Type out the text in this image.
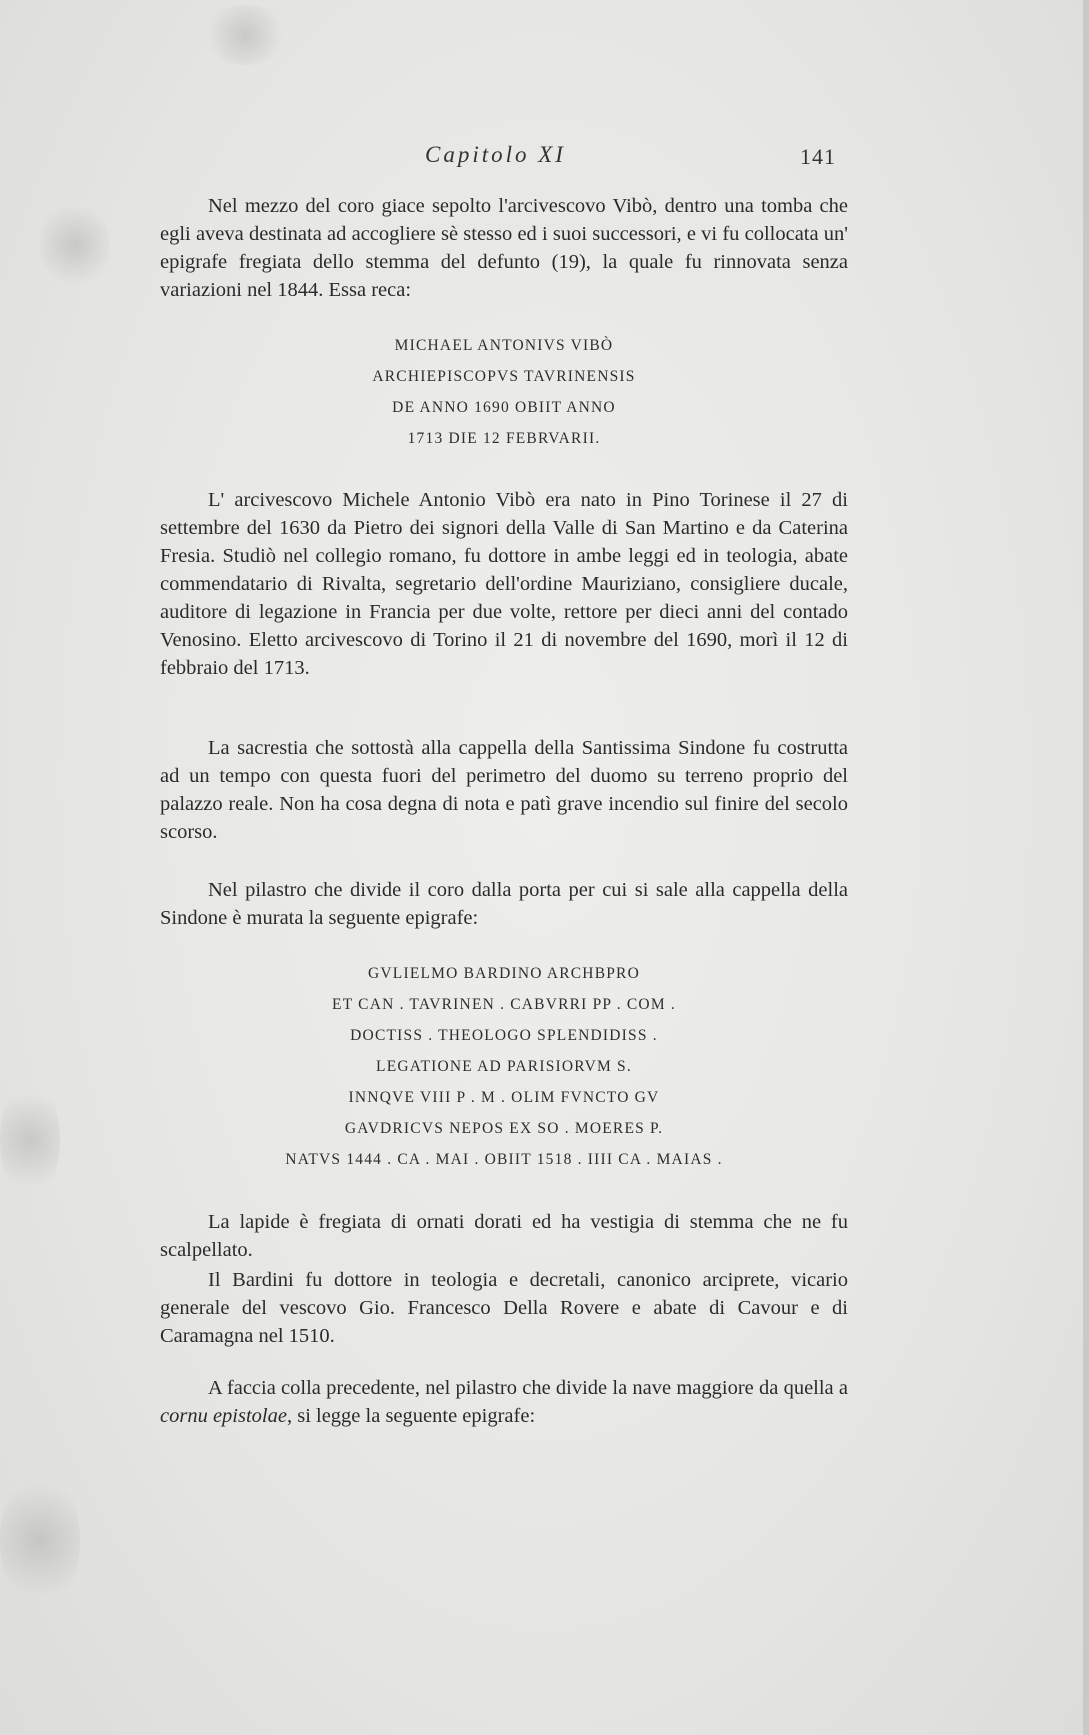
Capitolo XI	141
Nel mezzo del coro giace sepolto l'arcivescovo Vibò, dentro una tomba che egli aveva destinata ad accogliere sè stesso ed i suoi successori, e vi fu collocata un' epigrafe fregiata dello stemma del defunto (19), la quale fu rinnovata senza variazioni nel 1844. Essa reca:
MICHAEL ANTONIVS VIBÒ
ARCHIEPISCOPVS TAVRINENSIS
DE ANNO 1690 OBIIT ANNO
1713 DIE 12 FEBRVARII.
L' arcivescovo Michele Antonio Vibò era nato in Pino Torinese il 27 di settembre del 1630 da Pietro dei signori della Valle di San Martino e da Caterina Fresia. Studiò nel collegio romano, fu dottore in ambe leggi ed in teologia, abate commendatario di Rivalta, segretario dell'ordine Mauriziano, consigliere ducale, auditore di legazione in Francia per due volte, rettore per dieci anni del contado Venosino. Eletto arcivescovo di Torino il 21 di novembre del 1690, morì il 12 di febbraio del 1713.
La sacrestia che sottostà alla cappella della Santissima Sindone fu costrutta ad un tempo con questa fuori del perimetro del duomo su terreno proprio del palazzo reale. Non ha cosa degna di nota e patì grave incendio sul finire del secolo scorso.
Nel pilastro che divide il coro dalla porta per cui si sale alla cappella della Sindone è murata la seguente epigrafe:
GVLIELMO BARDINO ARCHBPRO
ET CAN . TAVRINEN . CABVRRI PP . COM .
DOCTISS . THEOLOGO SPLENDIDISS .
LEGATIONE AD PARISIORVM S.
INNQVE VIII P . M . OLIM FVNCTO GV
GAVDRICVS NEPOS EX SO . MOERES P.
NATVS 1444 . CA . MAI . OBIIT 1518 . IIII CA . MAIAS .
La lapide è fregiata di ornati dorati ed ha vestigia di stemma che ne fu scalpellato.
Il Bardini fu dottore in teologia e decretali, canonico arciprete, vicario generale del vescovo Gio. Francesco Della Rovere e abate di Cavour e di Caramagna nel 1510.
A faccia colla precedente, nel pilastro che divide la nave maggiore da quella a cornu epistolae, si legge la seguente epigrafe:
